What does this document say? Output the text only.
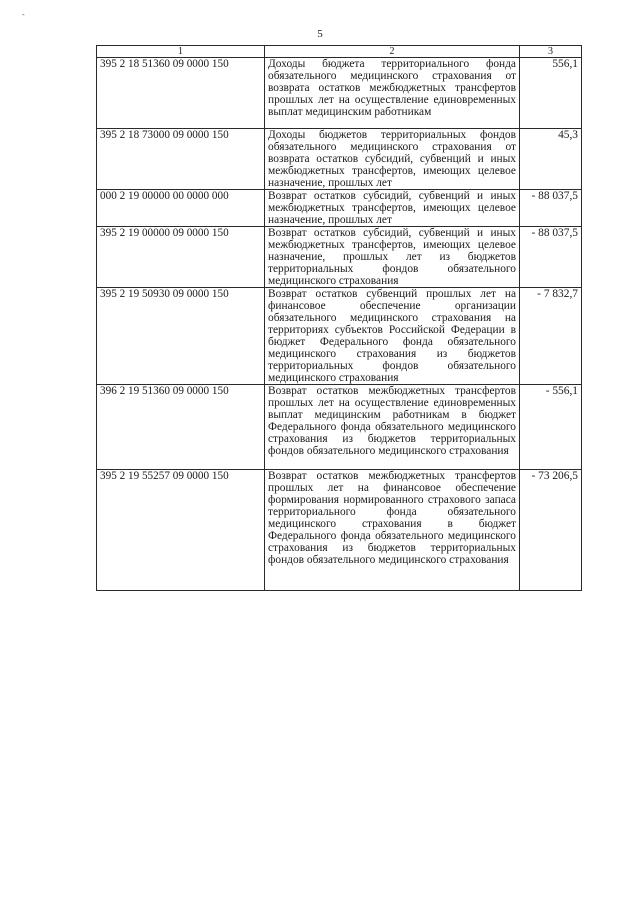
-
5
1	2	3
395 2 18 51360 09 0000 150	Доходы бюджета территориального фонда обязательного медицинского страхования от возврата остатков межбюджетных трансфертов прошлых лет на осуществление единовременных выплат медицинским работникам	556,1
395 2 18 73000 09 0000 150	Доходы бюджетов территориальных фондов обязательного медицинского страхования от возврата остатков субсидий, субвенций и иных межбюджетных трансфертов, имеющих целевое назначение, прошлых лет	45,3
000 2 19 00000 00 0000 000	Возврат остатков субсидий, субвенций и иных межбюджетных трансфертов, имеющих целевое назначение, прошлых лет	- 88 037,5
395 2 19 00000 09 0000 150	Возврат остатков субсидий, субвенций и иных межбюджетных трансфертов, имеющих целевое назначение, прошлых лет из бюджетов территориальных фондов обязательного медицинского страхования	- 88 037,5
395 2 19 50930 09 0000 150	Возврат остатков субвенций прошлых лет на финансовое обеспечение организации обязательного медицинского страхования на территориях субъектов Российской Федерации в бюджет Федерального фонда обязательного медицинского страхования из бюджетов территориальных фондов обязательного медицинского страхования	- 7 832,7
396 2 19 51360 09 0000 150	Возврат остатков межбюджетных трансфертов прошлых лет на осуществление единовременных выплат медицинским работникам в бюджет Федерального фонда обязательного медицинского страхования из бюджетов территориальных фондов обязательного медицинского страхования	- 556,1
395 2 19 55257 09 0000 150	Возврат остатков межбюджетных трансфертов прошлых лет на финансовое обеспечение формирования нормированного страхового запаса территориального фонда обязательного медицинского страхования в бюджет Федерального фонда обязательного медицинского страхования из бюджетов территориальных фондов обязательного медицинского страхования	- 73 206,5
